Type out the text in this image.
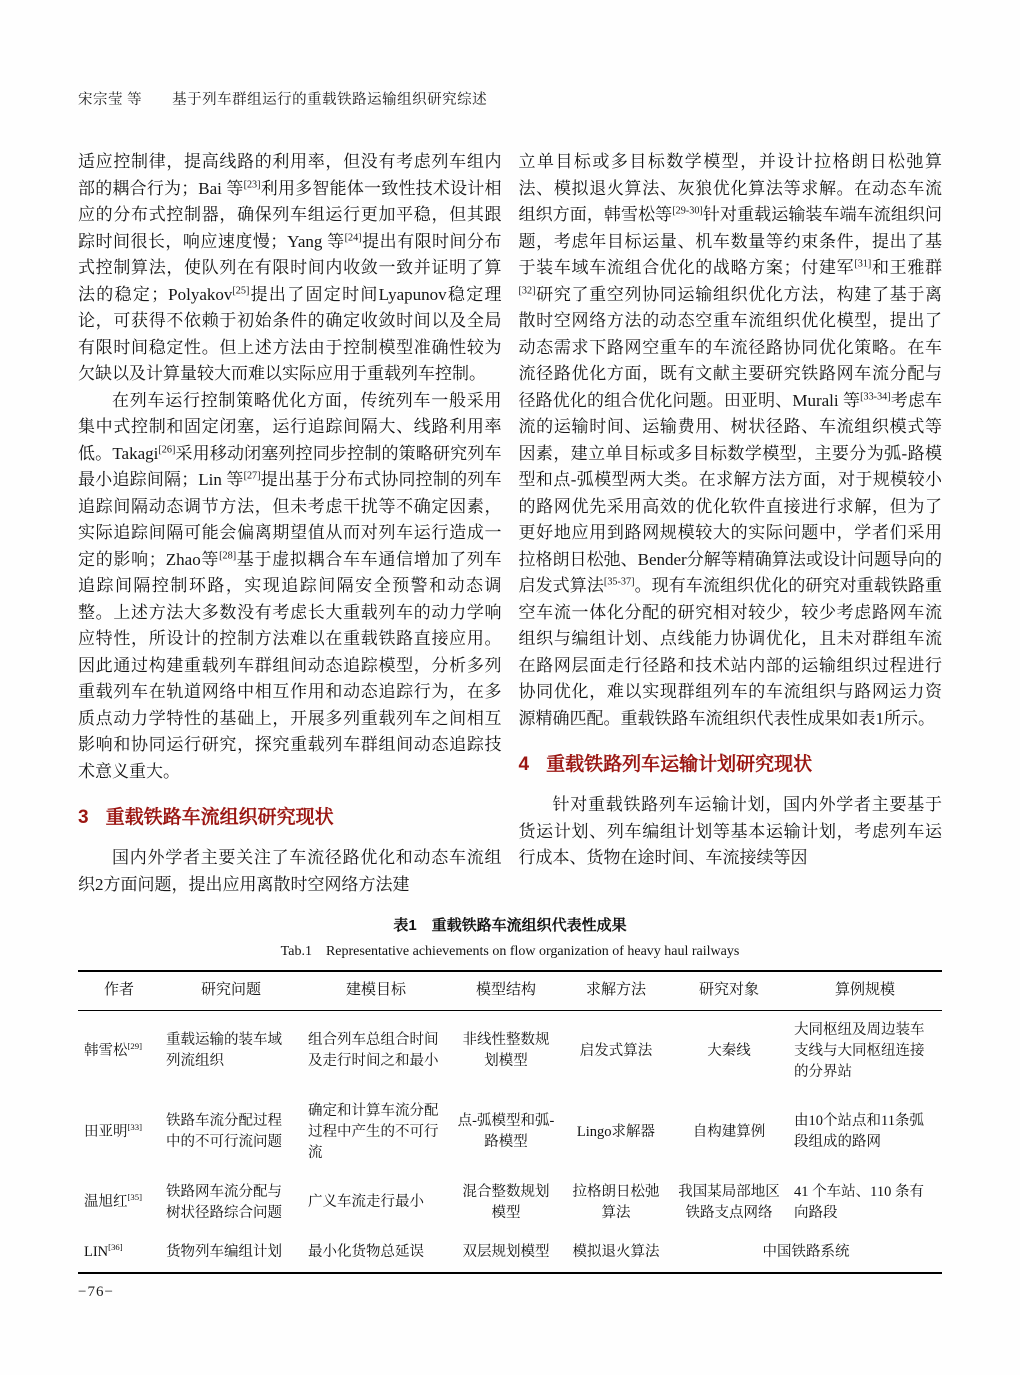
宋宗莹 等 基于列车群组运行的重载铁路运输组织研究综述

适应控制律，提高线路的利用率，但没有考虑列车组内部的耦合行为；Bai 等[23]利用多智能体一致性技术设计相应的分布式控制器，确保列车组运行更加平稳，但其跟踪时间很长，响应速度慢；Yang 等[24]提出有限时间分布式控制算法，使队列在有限时间内收敛一致并证明了算法的稳定；Polyakov[25]提出了固定时间Lyapunov稳定理论，可获得不依赖于初始条件的确定收敛时间以及全局有限时间稳定性。但上述方法由于控制模型准确性较为欠缺以及计算量较大而难以实际应用于重载列车控制。

在列车运行控制策略优化方面，传统列车一般采用集中式控制和固定闭塞，运行追踪间隔大、线路利用率低。Takagi[26]采用移动闭塞列控同步控制的策略研究列车最小追踪间隔；Lin 等[27]提出基于分布式协同控制的列车追踪间隔动态调节方法，但未考虑干扰等不确定因素，实际追踪间隔可能会偏离期望值从而对列车运行造成一定的影响；Zhao等[28]基于虚拟耦合车车通信增加了列车追踪间隔控制环路，实现追踪间隔安全预警和动态调整。上述方法大多数没有考虑长大重载列车的动力学响应特性，所设计的控制方法难以在重载铁路直接应用。因此通过构建重载列车群组间动态追踪模型，分析多列重载列车在轨道网络中相互作用和动态追踪行为，在多质点动力学特性的基础上，开展多列重载列车之间相互影响和协同运行研究，探究重载列车群组间动态追踪技术意义重大。

3 重载铁路车流组织研究现状

国内外学者主要关注了车流径路优化和动态车流组织2方面问题，提出应用离散时空网络方法建

立单目标或多目标数学模型，并设计拉格朗日松弛算法、模拟退火算法、灰狼优化算法等求解。在动态车流组织方面，韩雪松等[29-30]针对重载运输装车端车流组织问题，考虑年目标运量、机车数量等约束条件，提出了基于装车域车流组合优化的战略方案；付建军[31]和王雅群[32]研究了重空列协同运输组织优化方法，构建了基于离散时空网络方法的动态空重车流组织优化模型，提出了动态需求下路网空重车的车流径路协同优化策略。在车流径路优化方面，既有文献主要研究铁路网车流分配与径路优化的组合优化问题。田亚明、Murali 等[33-34]考虑车流的运输时间、运输费用、树状径路、车流组织模式等因素，建立单目标或多目标数学模型，主要分为弧-路模型和点-弧模型两大类。在求解方法方面，对于规模较小的路网优先采用高效的优化软件直接进行求解，但为了更好地应用到路网规模较大的实际问题中，学者们采用拉格朗日松弛、Bender分解等精确算法或设计问题导向的启发式算法[35-37]。现有车流组织优化的研究对重载铁路重空车流一体化分配的研究相对较少，较少考虑路网车流组织与编组计划、点线能力协调优化，且未对群组车流在路网层面走行径路和技术站内部的运输组织过程进行协同优化，难以实现群组列车的车流组织与路网运力资源精确匹配。重载铁路车流组织代表性成果如表1所示。

4 重载铁路列车运输计划研究现状

针对重载铁路列车运输计划，国内外学者主要基于货运计划、列车编组计划等基本运输计划，考虑列车运行成本、货物在途时间、车流接续等因

表1　重载铁路车流组织代表性成果
Tab.1　Representative achievements on flow organization of heavy haul railways
作者	研究问题	建模目标	模型结构	求解方法	研究对象	算例规模
韩雪松[29]	重载运输的装车域列流组织	组合列车总组合时间及走行时间之和最小	非线性整数规划模型	启发式算法	大秦线	大同枢纽及周边装车支线与大同枢纽连接的分界站
田亚明[33]	铁路车流分配过程中的不可行流问题	确定和计算车流分配过程中产生的不可行流	点-弧模型和弧-路模型	Lingo求解器	自构建算例	由10个站点和11条弧段组成的路网
温旭红[35]	铁路网车流分配与树状径路综合问题	广义车流走行最小	混合整数规划模型	拉格朗日松弛算法	我国某局部地区铁路支点网络	41 个车站、110 条有向路段
LIN[36]	货物列车编组计划	最小化货物总延误	双层规划模型	模拟退火算法	中国铁路系统	
−76−
